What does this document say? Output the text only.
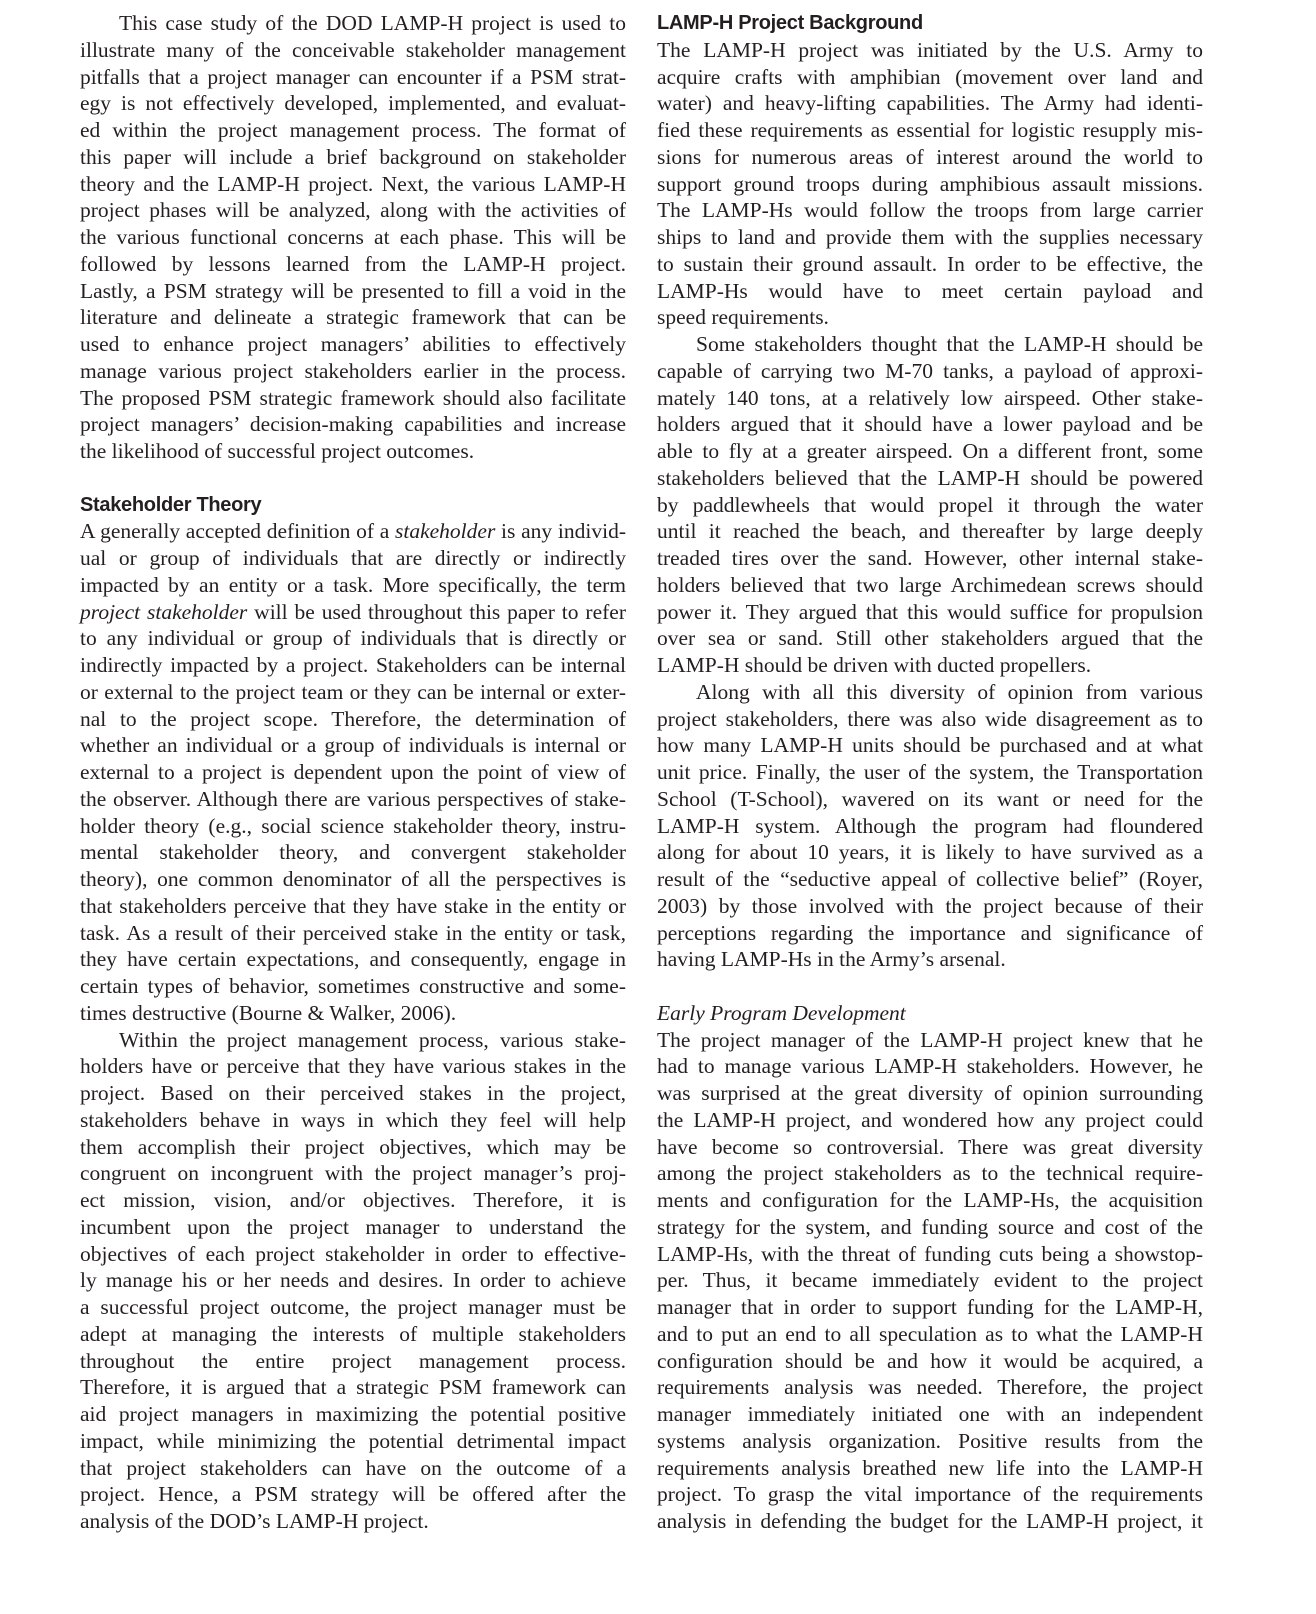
This case study of the DOD LAMP-H project is used to
illustrate many of the conceivable stakeholder management
pitfalls that a project manager can encounter if a PSM strat-
egy is not effectively developed, implemented, and evaluat-
ed within the project management process. The format of
this paper will include a brief background on stakeholder
theory and the LAMP-H project. Next, the various LAMP-H
project phases will be analyzed, along with the activities of
the various functional concerns at each phase. This will be
followed by lessons learned from the LAMP-H project.
Lastly, a PSM strategy will be presented to fill a void in the
literature and delineate a strategic framework that can be
used to enhance project managers’ abilities to effectively
manage various project stakeholders earlier in the process.
The proposed PSM strategic framework should also facilitate
project managers’ decision-making capabilities and increase
the likelihood of successful project outcomes.
Stakeholder Theory
A generally accepted definition of a stakeholder is any individ-
ual or group of individuals that are directly or indirectly
impacted by an entity or a task. More specifically, the term
project stakeholder will be used throughout this paper to refer
to any individual or group of individuals that is directly or
indirectly impacted by a project. Stakeholders can be internal
or external to the project team or they can be internal or exter-
nal to the project scope. Therefore, the determination of
whether an individual or a group of individuals is internal or
external to a project is dependent upon the point of view of
the observer. Although there are various perspectives of stake-
holder theory (e.g., social science stakeholder theory, instru-
mental stakeholder theory, and convergent stakeholder
theory), one common denominator of all the perspectives is
that stakeholders perceive that they have stake in the entity or
task. As a result of their perceived stake in the entity or task,
they have certain expectations, and consequently, engage in
certain types of behavior, sometimes constructive and some-
times destructive (Bourne & Walker, 2006).
Within the project management process, various stake-
holders have or perceive that they have various stakes in the
project. Based on their perceived stakes in the project,
stakeholders behave in ways in which they feel will help
them accomplish their project objectives, which may be
congruent on incongruent with the project manager’s proj-
ect mission, vision, and/or objectives. Therefore, it is
incumbent upon the project manager to understand the
objectives of each project stakeholder in order to effective-
ly manage his or her needs and desires. In order to achieve
a successful project outcome, the project manager must be
adept at managing the interests of multiple stakeholders
throughout the entire project management process.
Therefore, it is argued that a strategic PSM framework can
aid project managers in maximizing the potential positive
impact, while minimizing the potential detrimental impact
that project stakeholders can have on the outcome of a
project. Hence, a PSM strategy will be offered after the
analysis of the DOD’s LAMP-H project.
LAMP-H Project Background
The LAMP-H project was initiated by the U.S. Army to
acquire crafts with amphibian (movement over land and
water) and heavy-lifting capabilities. The Army had identi-
fied these requirements as essential for logistic resupply mis-
sions for numerous areas of interest around the world to
support ground troops during amphibious assault missions.
The LAMP-Hs would follow the troops from large carrier
ships to land and provide them with the supplies necessary
to sustain their ground assault. In order to be effective, the
LAMP-Hs would have to meet certain payload and
speed requirements.
Some stakeholders thought that the LAMP-H should be
capable of carrying two M-70 tanks, a payload of approxi-
mately 140 tons, at a relatively low airspeed. Other stake-
holders argued that it should have a lower payload and be
able to fly at a greater airspeed. On a different front, some
stakeholders believed that the LAMP-H should be powered
by paddlewheels that would propel it through the water
until it reached the beach, and thereafter by large deeply
treaded tires over the sand. However, other internal stake-
holders believed that two large Archimedean screws should
power it. They argued that this would suffice for propulsion
over sea or sand. Still other stakeholders argued that the
LAMP-H should be driven with ducted propellers.
Along with all this diversity of opinion from various
project stakeholders, there was also wide disagreement as to
how many LAMP-H units should be purchased and at what
unit price. Finally, the user of the system, the Transportation
School (T-School), wavered on its want or need for the
LAMP-H system. Although the program had floundered
along for about 10 years, it is likely to have survived as a
result of the “seductive appeal of collective belief” (Royer,
2003) by those involved with the project because of their
perceptions regarding the importance and significance of
having LAMP-Hs in the Army’s arsenal.
Early Program Development
The project manager of the LAMP-H project knew that he
had to manage various LAMP-H stakeholders. However, he
was surprised at the great diversity of opinion surrounding
the LAMP-H project, and wondered how any project could
have become so controversial. There was great diversity
among the project stakeholders as to the technical require-
ments and configuration for the LAMP-Hs, the acquisition
strategy for the system, and funding source and cost of the
LAMP-Hs, with the threat of funding cuts being a showstop-
per. Thus, it became immediately evident to the project
manager that in order to support funding for the LAMP-H,
and to put an end to all speculation as to what the LAMP-H
configuration should be and how it would be acquired, a
requirements analysis was needed. Therefore, the project
manager immediately initiated one with an independent
systems analysis organization. Positive results from the
requirements analysis breathed new life into the LAMP-H
project. To grasp the vital importance of the requirements
analysis in defending the budget for the LAMP-H project, it
